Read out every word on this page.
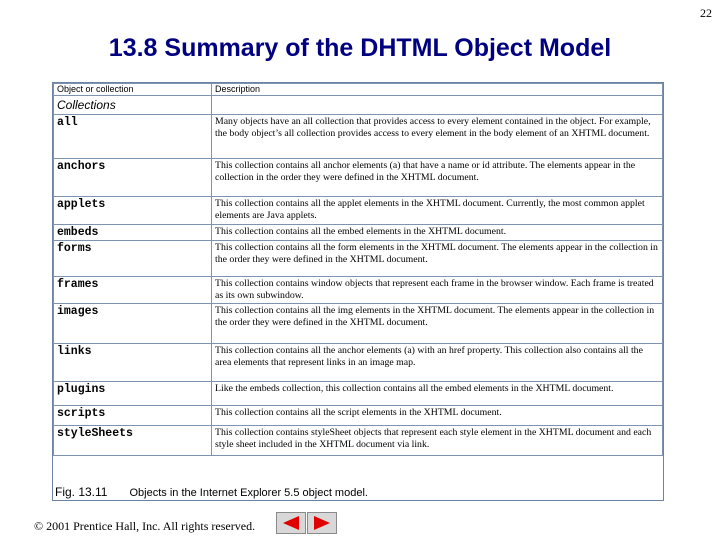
22
13.8 Summary of the DHTML Object Model
Object or collection	Description
Collections	
all	Many objects have an all collection that provides access to every element contained in the object. For example, the body object’s all collection provides access to every element in the body element of an XHTML document.
anchors	This collection contains all anchor elements (a) that have a name or id attribute. The elements appear in the collection in the order they were defined in the XHTML document.
applets	This collection contains all the applet elements in the XHTML document. Currently, the most common applet elements are Java applets.
embeds	This collection contains all the embed elements in the XHTML document.
forms	This collection contains all the form elements in the XHTML document. The elements appear in the collection in the order they were defined in the XHTML document.
frames	This collection contains window objects that represent each frame in the browser window. Each frame is treated as its own subwindow.
images	This collection contains all the img elements in the XHTML document. The elements appear in the collection in the order they were defined in the XHTML document.
links	This collection contains all the anchor elements (a) with an href property. This collection also contains all the area elements that represent links in an image map.
plugins	Like the embeds collection, this collection contains all the embed elements in the XHTML document.
scripts	This collection contains all the script elements in the XHTML document.
styleSheets	This collection contains styleSheet objects that represent each style element in the XHTML document and each style sheet included in the XHTML document via link.
Fig. 13.11 Objects in the Internet Explorer 5.5 object model.
© 2001 Prentice Hall, Inc. All rights reserved.
